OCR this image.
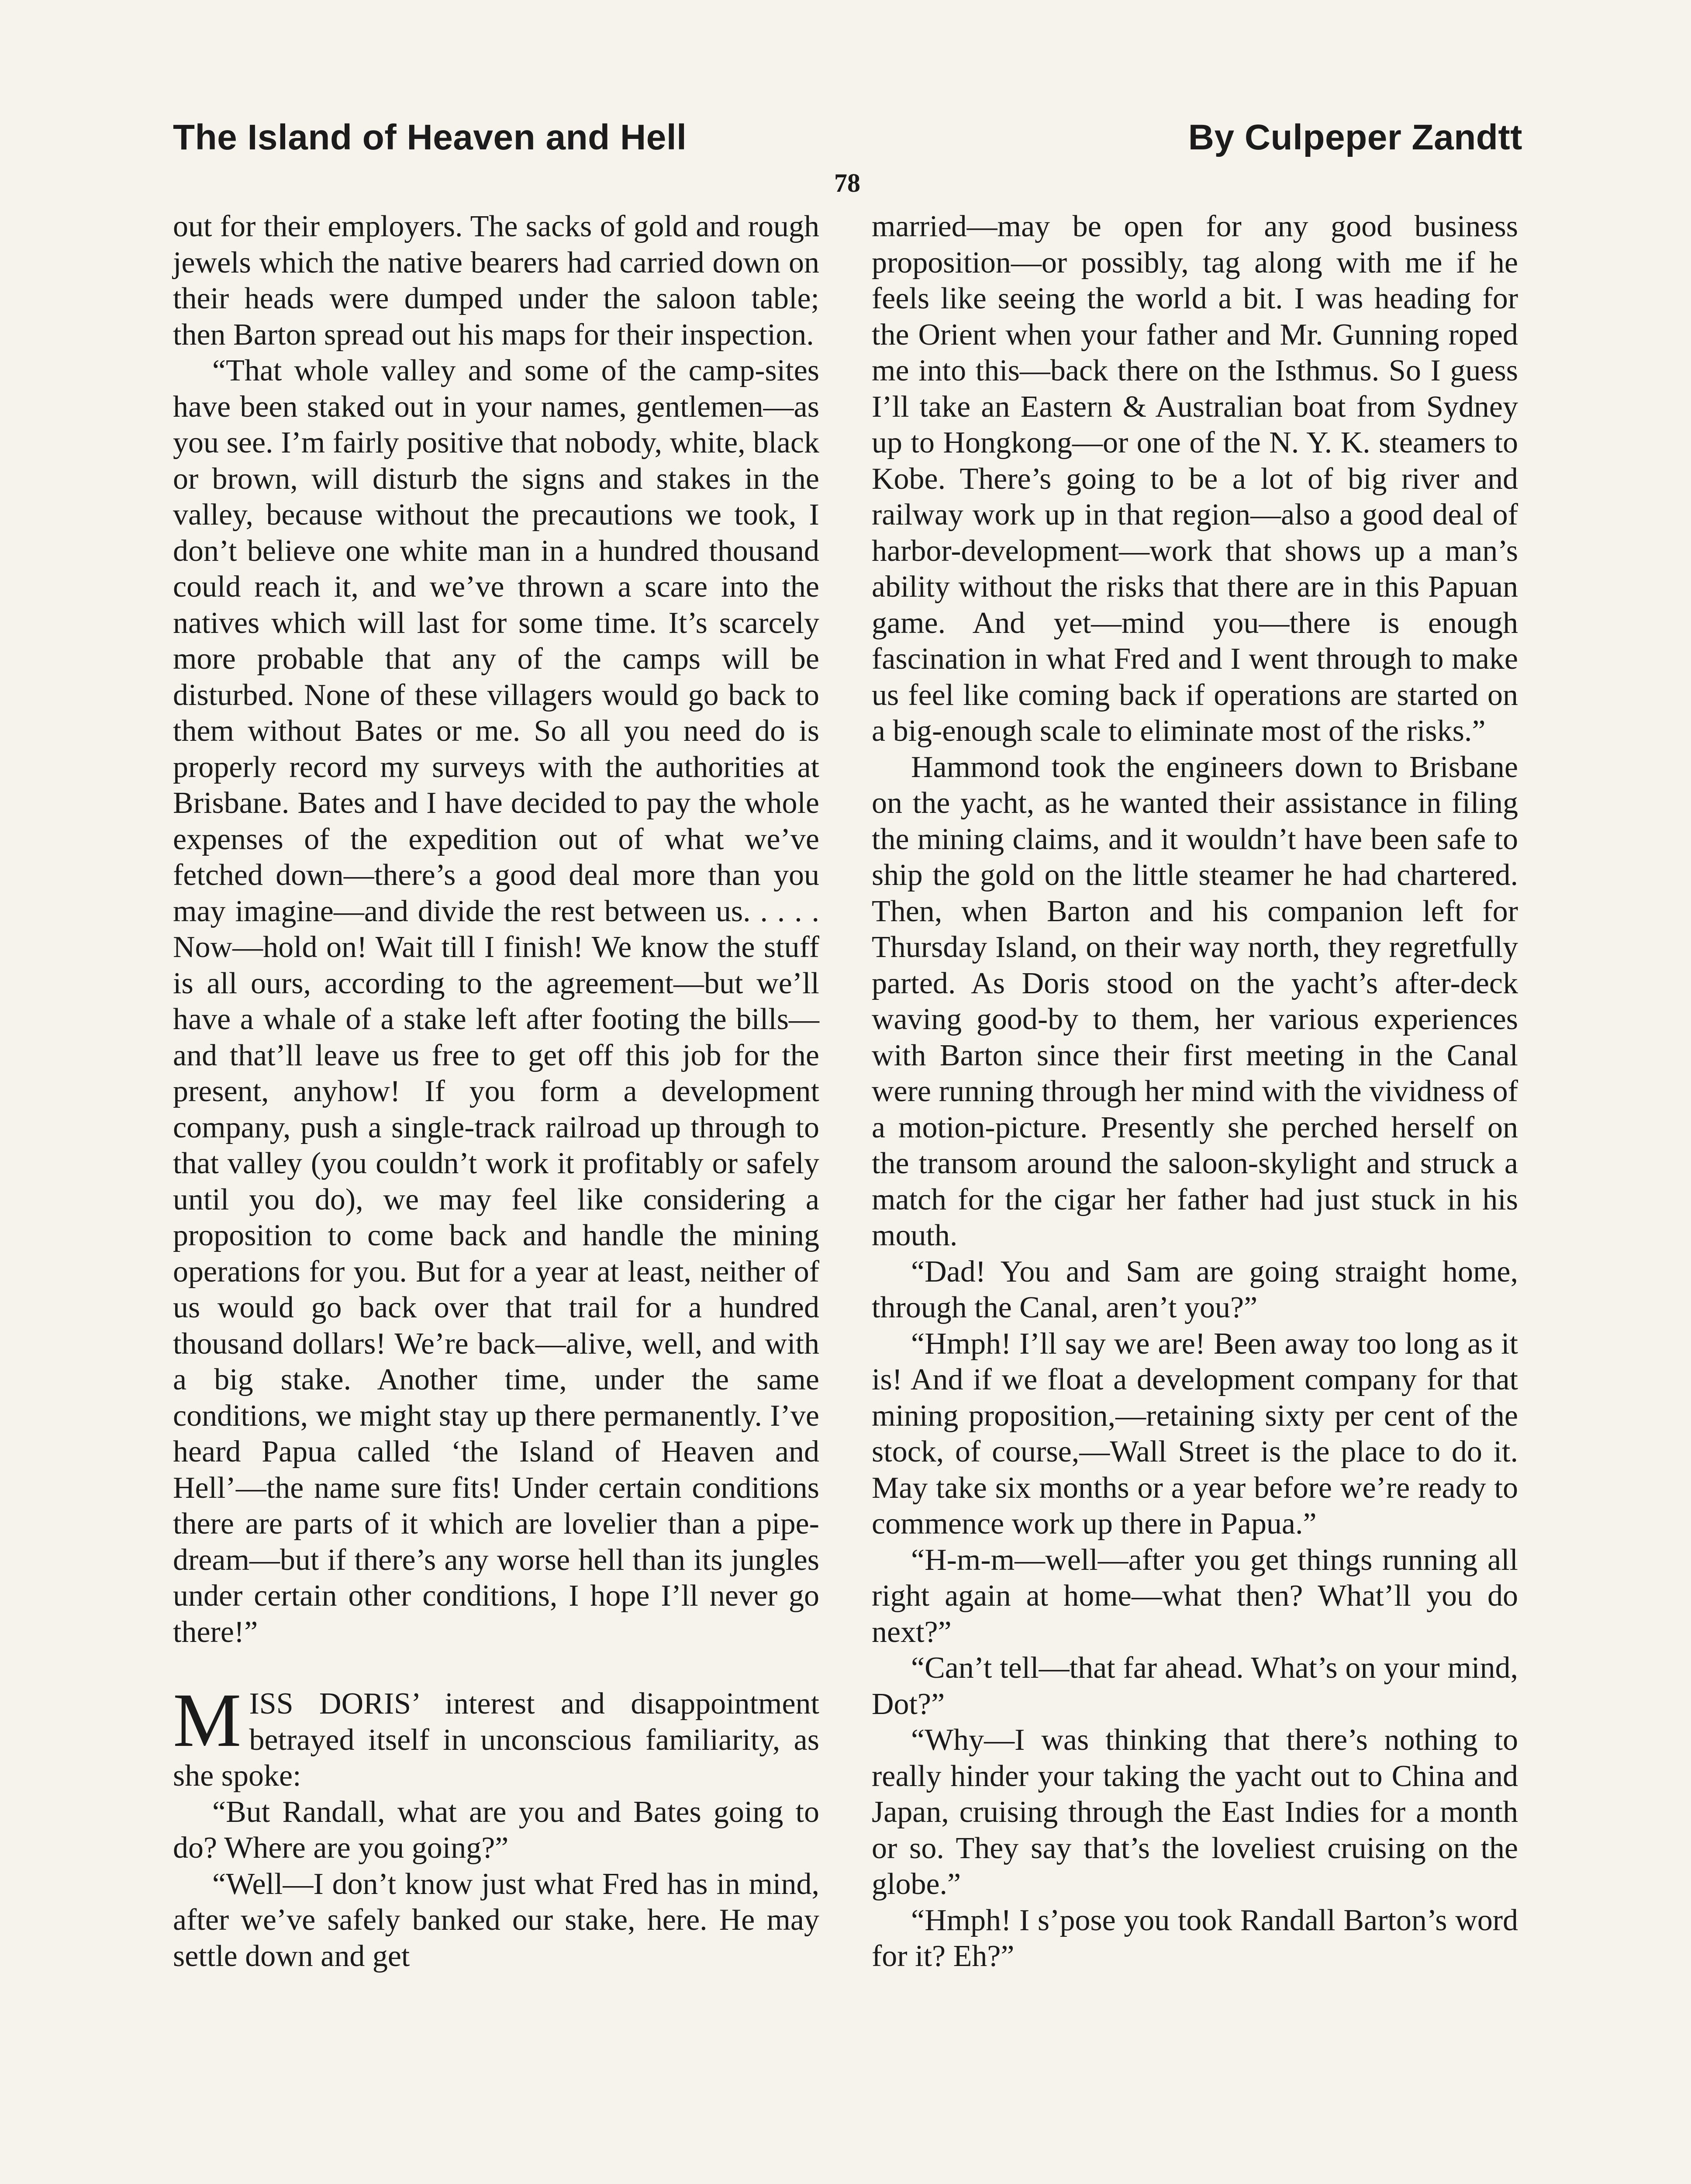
The Island of Heaven and Hell	By Culpeper Zandtt
78

out for their employers. The sacks of gold and rough jewels which the native bearers had carried down on their heads were dumped under the saloon table; then Barton spread out his maps for their inspection.

“That whole valley and some of the camp-sites have been staked out in your names, gentlemen—as you see. I’m fairly positive that nobody, white, black or brown, will disturb the signs and stakes in the valley, because without the precautions we took, I don’t believe one white man in a hundred thousand could reach it, and we’ve thrown a scare into the natives which will last for some time. It’s scarcely more probable that any of the camps will be disturbed. None of these villagers would go back to them without Bates or me. So all you need do is properly record my surveys with the authorities at Brisbane. Bates and I have decided to pay the whole expenses of the expedition out of what we’ve fetched down—there’s a good deal more than you may imagine—and divide the rest between us. . . . . Now—hold on! Wait till I finish! We know the stuff is all ours, according to the agreement—but we’ll have a whale of a stake left after footing the bills—and that’ll leave us free to get off this job for the present, anyhow! If you form a development company, push a single-track railroad up through to that valley (you couldn’t work it profitably or safely until you do), we may feel like considering a proposition to come back and handle the mining operations for you. But for a year at least, neither of us would go back over that trail for a hundred thousand dollars! We’re back—alive, well, and with a big stake. Another time, under the same conditions, we might stay up there permanently. I’ve heard Papua called ‘the Island of Heaven and Hell’—the name sure fits! Under certain conditions there are parts of it which are lovelier than a pipe-dream—but if there’s any worse hell than its jungles under certain other conditions, I hope I’ll never go there!”

MISS DORIS’ interest and disappointment betrayed itself in unconscious familiarity, as she spoke:

“But Randall, what are you and Bates going to do? Where are you going?”

“Well—I don’t know just what Fred has in mind, after we’ve safely banked our stake, here. He may settle down and get

married—may be open for any good business proposition—or possibly, tag along with me if he feels like seeing the world a bit. I was heading for the Orient when your father and Mr. Gunning roped me into this—back there on the Isthmus. So I guess I’ll take an Eastern & Australian boat from Sydney up to Hongkong—or one of the N. Y. K. steamers to Kobe. There’s going to be a lot of big river and railway work up in that region—also a good deal of harbor-development—work that shows up a man’s ability without the risks that there are in this Papuan game. And yet—mind you—there is enough fascination in what Fred and I went through to make us feel like coming back if operations are started on a big-enough scale to eliminate most of the risks.”

Hammond took the engineers down to Brisbane on the yacht, as he wanted their assistance in filing the mining claims, and it wouldn’t have been safe to ship the gold on the little steamer he had chartered. Then, when Barton and his companion left for Thursday Island, on their way north, they regretfully parted. As Doris stood on the yacht’s after-deck waving good-by to them, her various experiences with Barton since their first meeting in the Canal were running through her mind with the vividness of a motion-picture. Presently she perched herself on the transom around the saloon-skylight and struck a match for the cigar her father had just stuck in his mouth.

“Dad! You and Sam are going straight home, through the Canal, aren’t you?”

“Hmph! I’ll say we are! Been away too long as it is! And if we float a development company for that mining proposition,—retaining sixty per cent of the stock, of course,—Wall Street is the place to do it. May take six months or a year before we’re ready to commence work up there in Papua.”

“H-m-m—well—after you get things running all right again at home—what then? What’ll you do next?”

“Can’t tell—that far ahead. What’s on your mind, Dot?”

“Why—I was thinking that there’s nothing to really hinder your taking the yacht out to China and Japan, cruising through the East Indies for a month or so. They say that’s the loveliest cruising on the globe.”

“Hmph! I s’pose you took Randall Barton’s word for it? Eh?”
